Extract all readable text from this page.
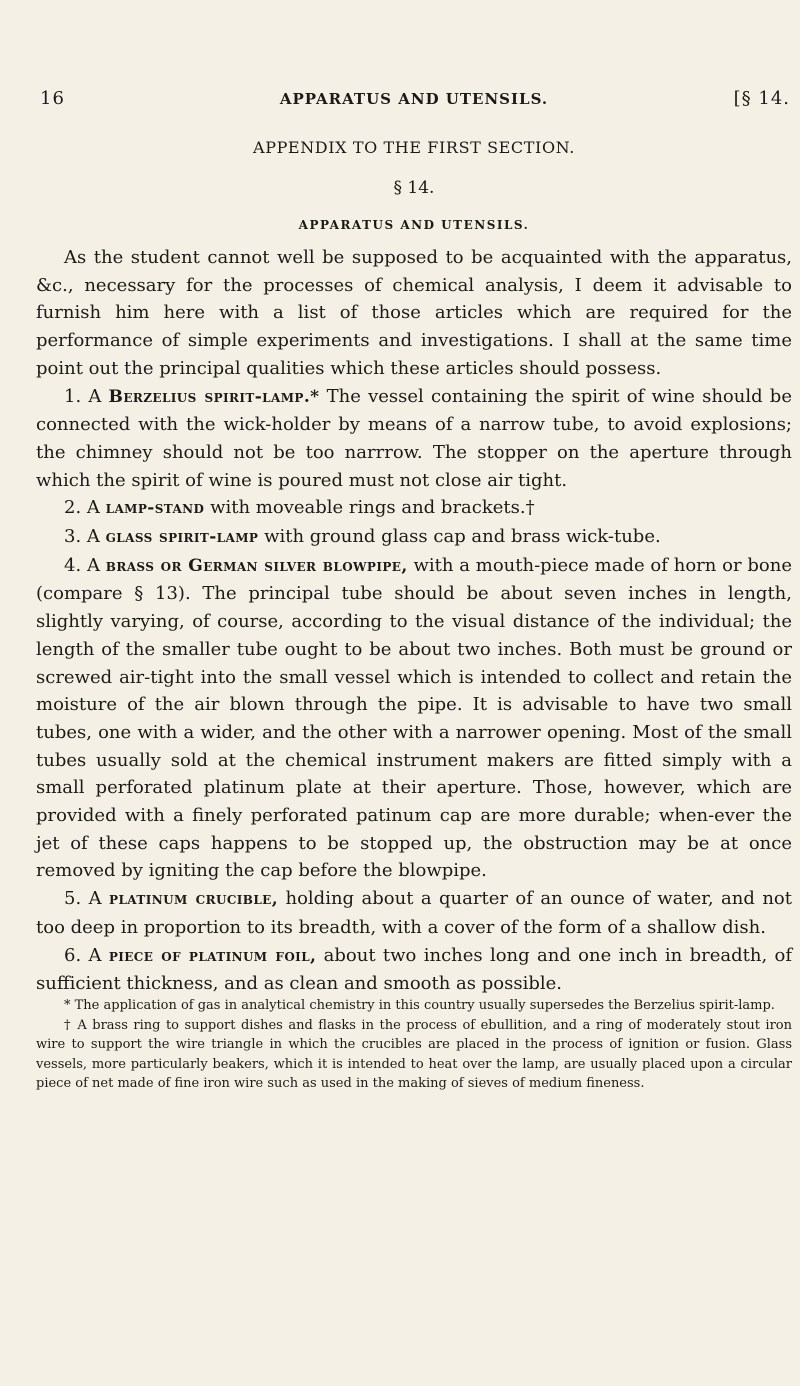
16	APPARATUS AND UTENSILS.	[§ 14.
APPENDIX TO THE FIRST SECTION.
§ 14.
APPARATUS AND UTENSILS.

As the student cannot well be supposed to be acquainted with the apparatus, &c., necessary for the processes of chemical analysis, I deem it advisable to furnish him here with a list of those articles which are required for the performance of simple experiments and investigations. I shall at the same time point out the principal qualities which these articles should possess.

1. A Berzelius spirit-lamp.* The vessel containing the spirit of wine should be connected with the wick-holder by means of a narrow tube, to avoid explosions; the chimney should not be too narrrow. The stopper on the aperture through which the spirit of wine is poured must not close air tight.

2. A lamp-stand with moveable rings and brackets.†

3. A glass spirit-lamp with ground glass cap and brass wick-tube.

4. A brass or German silver blowpipe, with a mouth-piece made of horn or bone (compare § 13). The principal tube should be about seven inches in length, slightly varying, of course, according to the visual distance of the individual; the length of the smaller tube ought to be about two inches. Both must be ground or screwed air-tight into the small vessel which is intended to collect and retain the moisture of the air blown through the pipe. It is advisable to have two small tubes, one with a wider, and the other with a narrower opening. Most of the small tubes usually sold at the chemical instrument makers are fitted simply with a small perforated platinum plate at their aperture. Those, however, which are provided with a finely perforated patinum cap are more durable; when-ever the jet of these caps happens to be stopped up, the obstruction may be at once removed by igniting the cap before the blowpipe.

5. A platinum crucible, holding about a quarter of an ounce of water, and not too deep in proportion to its breadth, with a cover of the form of a shallow dish.

6. A piece of platinum foil, about two inches long and one inch in breadth, of sufficient thickness, and as clean and smooth as possible.

* The application of gas in analytical chemistry in this country usually supersedes the Berzelius spirit-lamp.

† A brass ring to support dishes and flasks in the process of ebullition, and a ring of moderately stout iron wire to support the wire triangle in which the crucibles are placed in the process of ignition or fusion. Glass vessels, more particularly beakers, which it is intended to heat over the lamp, are usually placed upon a circular piece of net made of fine iron wire such as used in the making of sieves of medium fineness.
